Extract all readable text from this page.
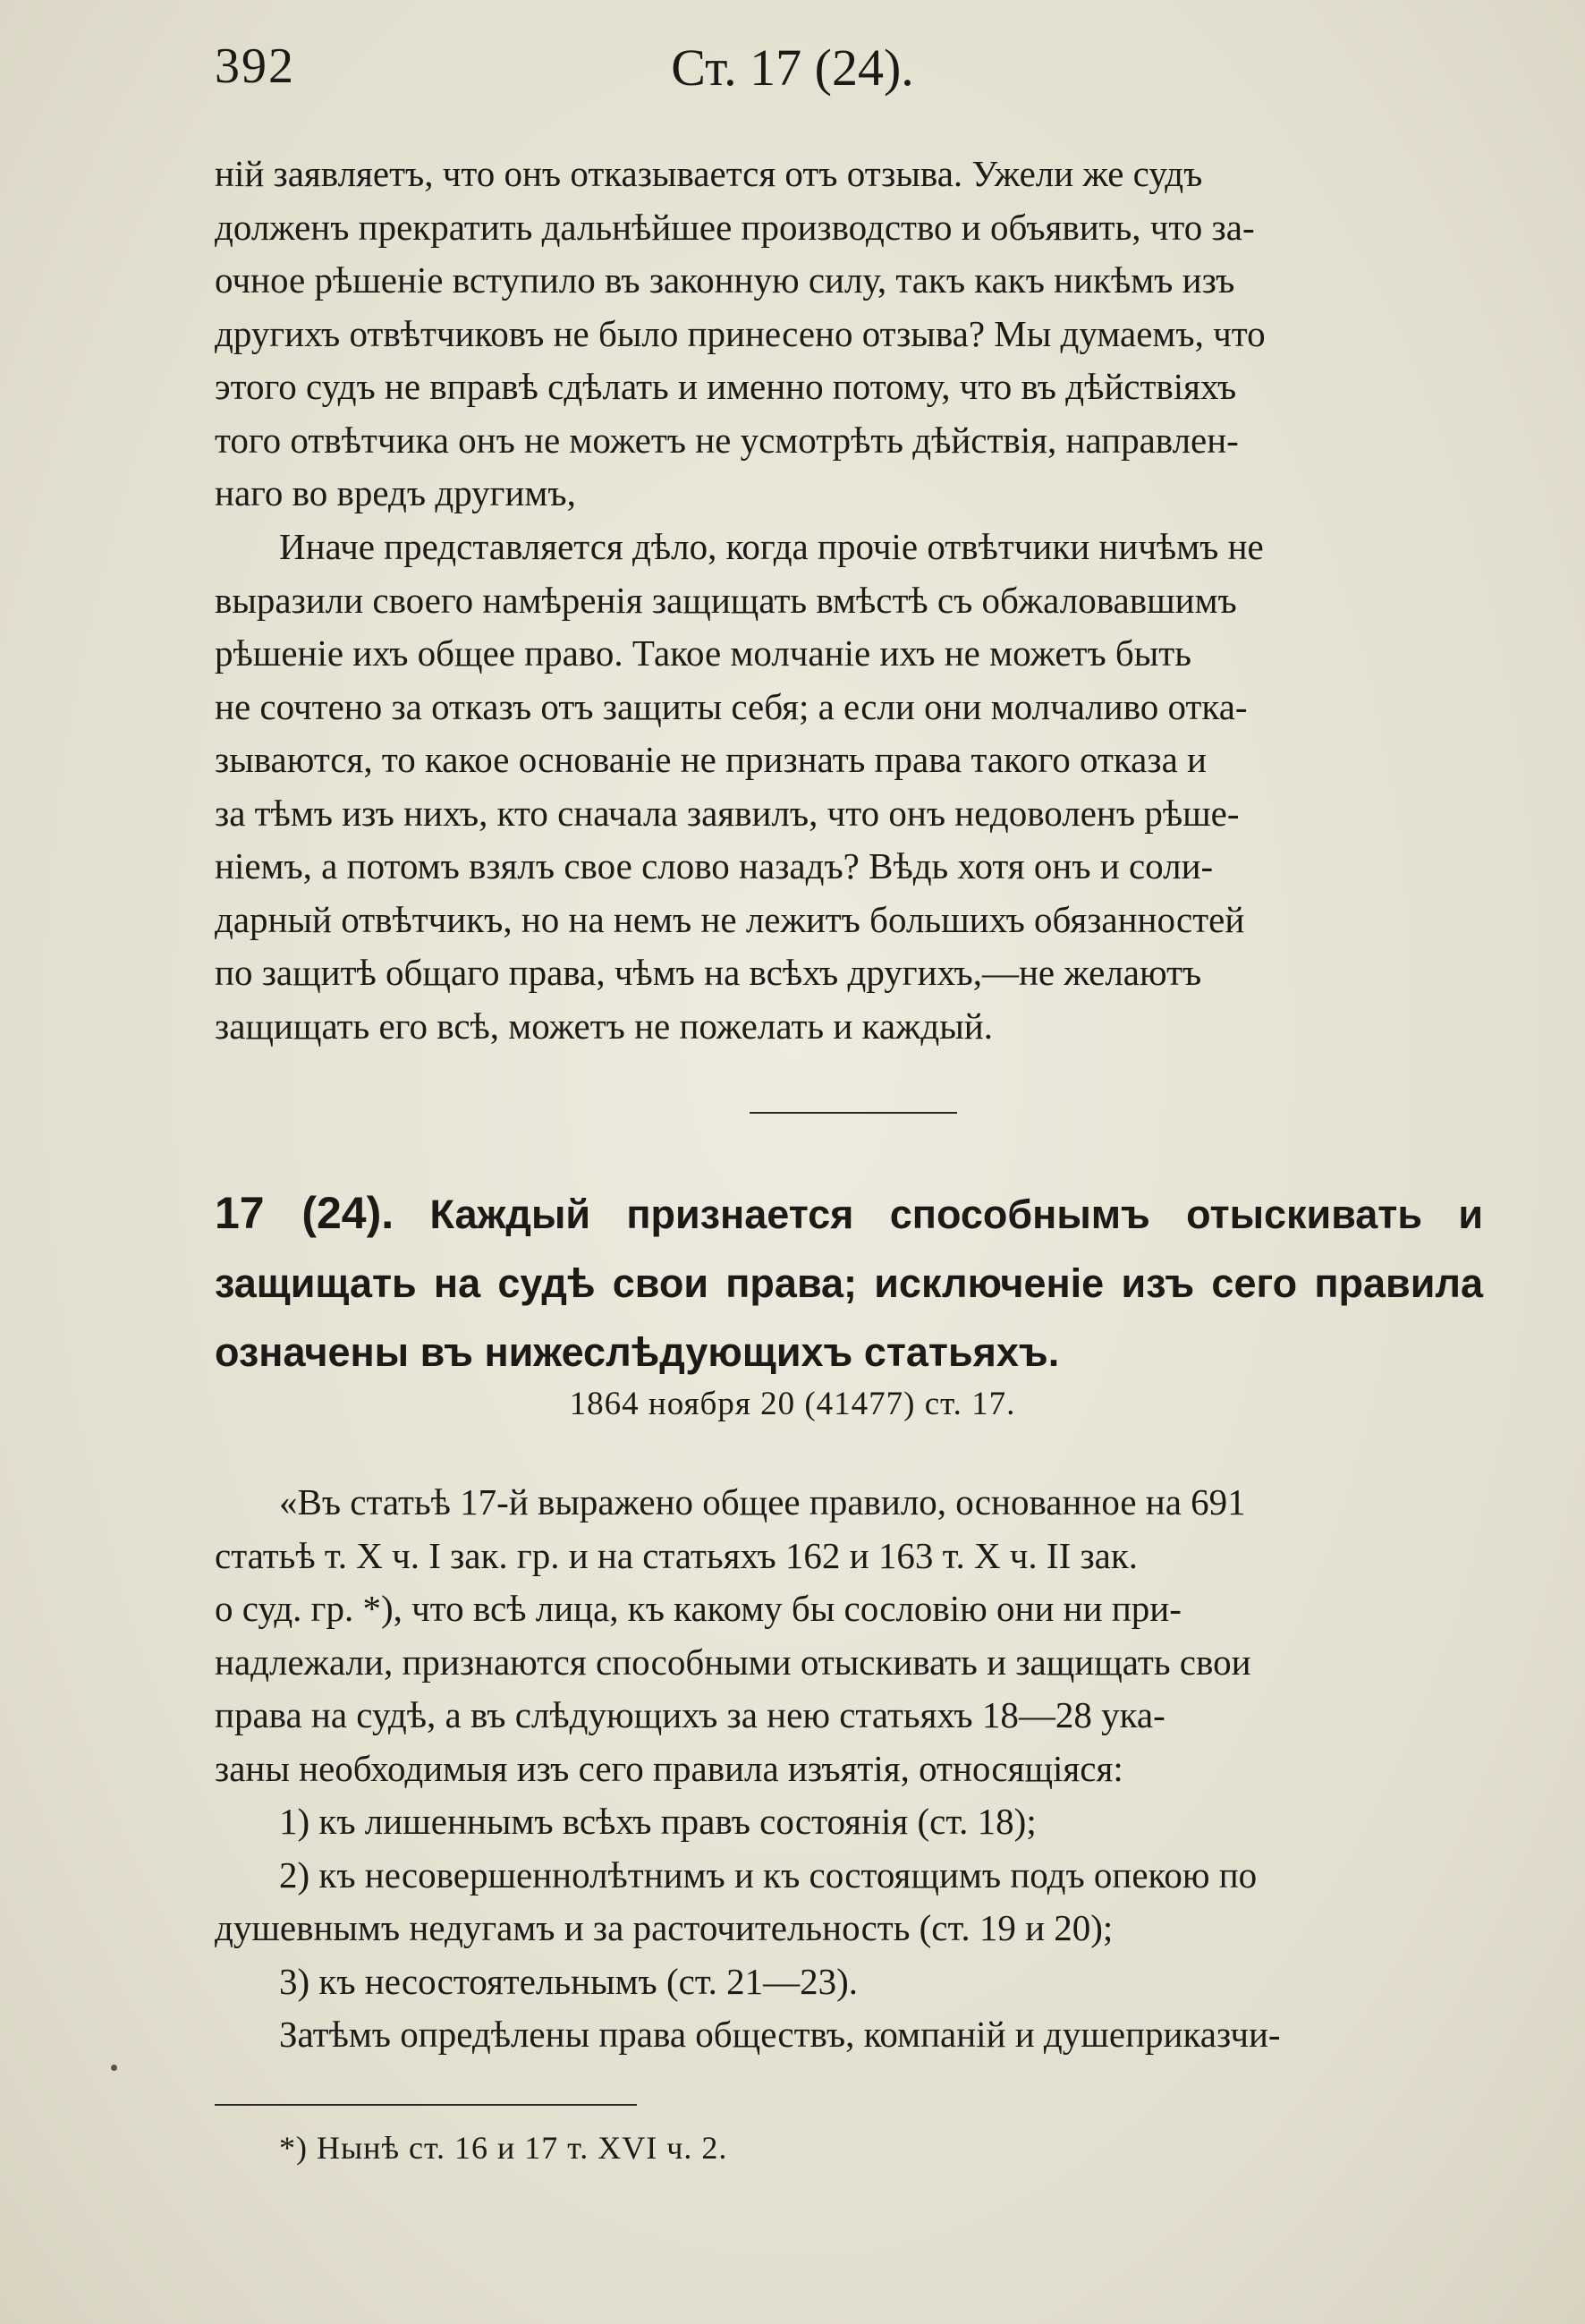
392	Ст. 17 (24).

ній заявляетъ, что онъ отказывается отъ отзыва. Ужели же судъ

долженъ прекратить дальнѣйшее производство и объявить, что за-

очное рѣшеніе вступило въ законную силу, такъ какъ никѣмъ изъ

другихъ отвѣтчиковъ не было принесено отзыва? Мы думаемъ, что

этого судъ не вправѣ сдѣлать и именно потому, что въ дѣйствіяхъ

того отвѣтчика онъ не можетъ не усмотрѣть дѣйствія, направлен-

наго во вредъ другимъ,

Иначе представляется дѣло, когда прочіе отвѣтчики ничѣмъ не

выразили своего намѣренія защищать вмѣстѣ съ обжаловавшимъ

рѣшеніе ихъ общее право. Такое молчаніе ихъ не можетъ быть

не сочтено за отказъ отъ защиты себя; а если они молчаливо отка-

зываются, то какое основаніе не признать права такого отказа и

за тѣмъ изъ нихъ, кто сначала заявилъ, что онъ недоволенъ рѣше-

ніемъ, а потомъ взялъ свое слово назадъ? Вѣдь хотя онъ и соли-

дарный отвѣтчикъ, но на немъ не лежитъ большихъ обязанностей

по защитѣ общаго права, чѣмъ на всѣхъ другихъ,—не желаютъ

защищать его всѣ, можетъ не пожелать и каждый.

17 (24). Каждый признается способнымъ отыскивать и защищать на судѣ свои права; исключеніе изъ сего правила означены въ нижеслѣдующихъ статьяхъ.

1864 ноября 20 (41477) ст. 17.

«Въ статьѣ 17-й выражено общее правило, основанное на 691

статьѣ т. X ч. I зак. гр. и на статьяхъ 162 и 163 т. X ч. II зак.

о суд. гр. *), что всѣ лица, къ какому бы сословію они ни при-

надлежали, признаются способными отыскивать и защищать свои

права на судѣ, а въ слѣдующихъ за нею статьяхъ 18—28 ука-

заны необходимыя изъ сего правила изъятія, относящіяся:

1) къ лишеннымъ всѣхъ правъ состоянія (ст. 18);

2) къ несовершеннолѣтнимъ и къ состоящимъ подъ опекою по

душевнымъ недугамъ и за расточительность (ст. 19 и 20);

3) къ несостоятельнымъ (ст. 21—23).

Затѣмъ опредѣлены права обществъ, компаній и душеприказчи-

*) Нынѣ ст. 16 и 17 т. XVI ч. 2.
